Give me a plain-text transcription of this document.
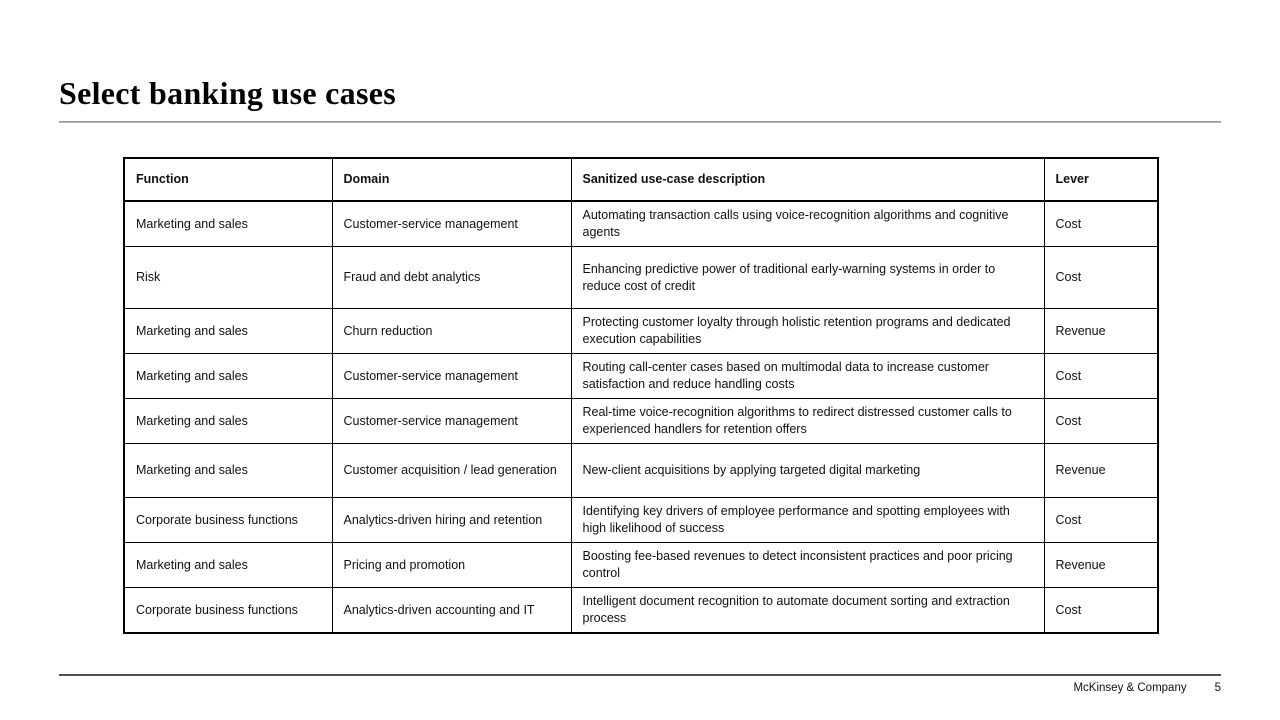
Select banking use cases
Function	Domain	Sanitized use-case description	Lever
Marketing and sales	Customer-service management	Automating transaction calls using voice-recognition algorithms and cognitive agents	Cost
Risk	Fraud and debt analytics	Enhancing predictive power of traditional early-warning systems in order to reduce cost of credit	Cost
Marketing and sales	Churn reduction	Protecting customer loyalty through holistic retention programs and dedicated execution capabilities	Revenue
Marketing and sales	Customer-service management	Routing call-center cases based on multimodal data to increase customer satisfaction and reduce handling costs	Cost
Marketing and sales	Customer-service management	Real-time voice-recognition algorithms to redirect distressed customer calls to experienced handlers for retention offers	Cost
Marketing and sales	Customer acquisition / lead generation	New-client acquisitions by applying targeted digital marketing	Revenue
Corporate business functions	Analytics-driven hiring and retention	Identifying key drivers of employee performance and spotting employees with high likelihood of success	Cost
Marketing and sales	Pricing and promotion	Boosting fee-based revenues to detect inconsistent practices and poor pricing control	Revenue
Corporate business functions	Analytics-driven accounting and IT	Intelligent document recognition to automate document sorting and extraction process	Cost
McKinsey & Company 5
